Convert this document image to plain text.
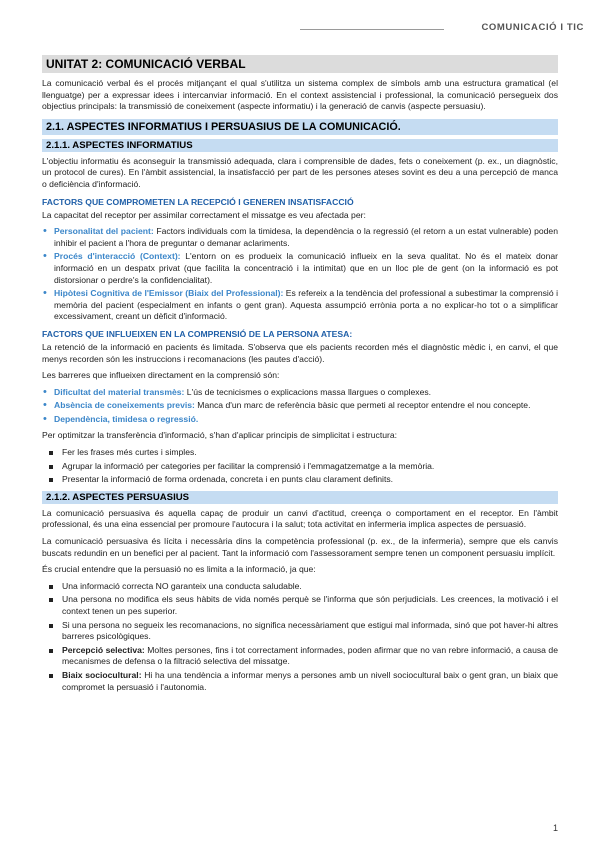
COMUNICACIÓ I TIC
UNITAT 2: COMUNICACIÓ VERBAL

La comunicació verbal és el procés mitjançant el qual s'utilitza un sistema complex de símbols amb una estructura gramatical (el llenguatge) per a expressar idees i intercanviar informació. En el context assistencial i professional, la comunicació persegueix dos objectius principals: la transmissió de coneixement (aspecte informatiu) i la generació de canvis (aspecte persuasiu).

2.1. ASPECTES INFORMATIUS I PERSUASIUS DE LA COMUNICACIÓ.
2.1.1. ASPECTES INFORMATIUS

L'objectiu informatiu és aconseguir la transmissió adequada, clara i comprensible de dades, fets o coneixement (p. ex., un diagnòstic, un protocol de cures). En l'àmbit assistencial, la insatisfacció per part de les persones ateses sovint es deu a una percepció de manca o deficiència d'informació.

FACTORS QUE COMPROMETEN LA RECEPCIÓ I GENEREN INSATISFACCIÓ

La capacitat del receptor per assimilar correctament el missatge es veu afectada per:

• Personalitat del pacient: Factors individuals com la timidesa, la dependència o la regressió (el retorn a un estat vulnerable) poden inhibir el pacient a l'hora de preguntar o demanar aclariments.
• Procés d'interacció (Context): L'entorn on es produeix la comunicació influeix en la seva qualitat. No és el mateix donar informació en un despatx privat (que facilita la concentració i la intimitat) que en un lloc ple de gent (on la informació es pot distorsionar o perdre's la confidencialitat).
• Hipòtesi Cognitiva de l'Emissor (Biaix del Professional): Es refereix a la tendència del professional a subestimar la comprensió i memòria del pacient (especialment en infants o gent gran). Aquesta assumpció errònia porta a no explicar-ho tot o a simplificar excessivament, creant un dèficit d'informació.
FACTORS QUE INFLUEIXEN EN LA COMPRENSIÓ DE LA PERSONA ATESA:

La retenció de la informació en pacients és limitada. S'observa que els pacients recorden més el diagnòstic mèdic i, en canvi, el que menys recorden són les instruccions i recomanacions (les pautes d'acció).

Les barreres que influeixen directament en la comprensió són:

• Dificultat del material transmès: L'ús de tecnicismes o explicacions massa llargues o complexes.
• Absència de coneixements previs: Manca d'un marc de referència bàsic que permeti al receptor entendre el nou concepte.
• Dependència, timidesa o regressió.

Per optimitzar la transferència d'informació, s'han d'aplicar principis de simplicitat i estructura:

Fer les frases més curtes i simples.
Agrupar la informació per categories per facilitar la comprensió i l'emmagatzematge a la memòria.
Presentar la informació de forma ordenada, concreta i en punts clau clarament definits.
2.1.2. ASPECTES PERSUASIUS

La comunicació persuasiva és aquella capaç de produir un canvi d'actitud, creença o comportament en el receptor. En l'àmbit professional, és una eina essencial per promoure l'autocura i la salut; tota activitat en infermeria implica aspectes de persuasió.

La comunicació persuasiva és lícita i necessària dins la competència professional (p. ex., de la infermeria), sempre que els canvis buscats redundin en un benefici per al pacient. Tant la informació com l'assessorament sempre tenen un component persuasiu implícit.

És crucial entendre que la persuasió no es limita a la informació, ja que:

Una informació correcta NO garanteix una conducta saludable.
Una persona no modifica els seus hàbits de vida només perquè se l'informa que són perjudicials. Les creences, la motivació i el context tenen un pes superior.
Si una persona no segueix les recomanacions, no significa necessàriament que estigui mal informada, sinó que pot haver-hi altres barreres psicològiques.
Percepció selectiva: Moltes persones, fins i tot correctament informades, poden afirmar que no van rebre informació, a causa de mecanismes de defensa o la filtració selectiva del missatge.
Biaix sociocultural: Hi ha una tendència a informar menys a persones amb un nivell sociocultural baix o gent gran, un biaix que compromet la persuasió i l'autonomia.
1
